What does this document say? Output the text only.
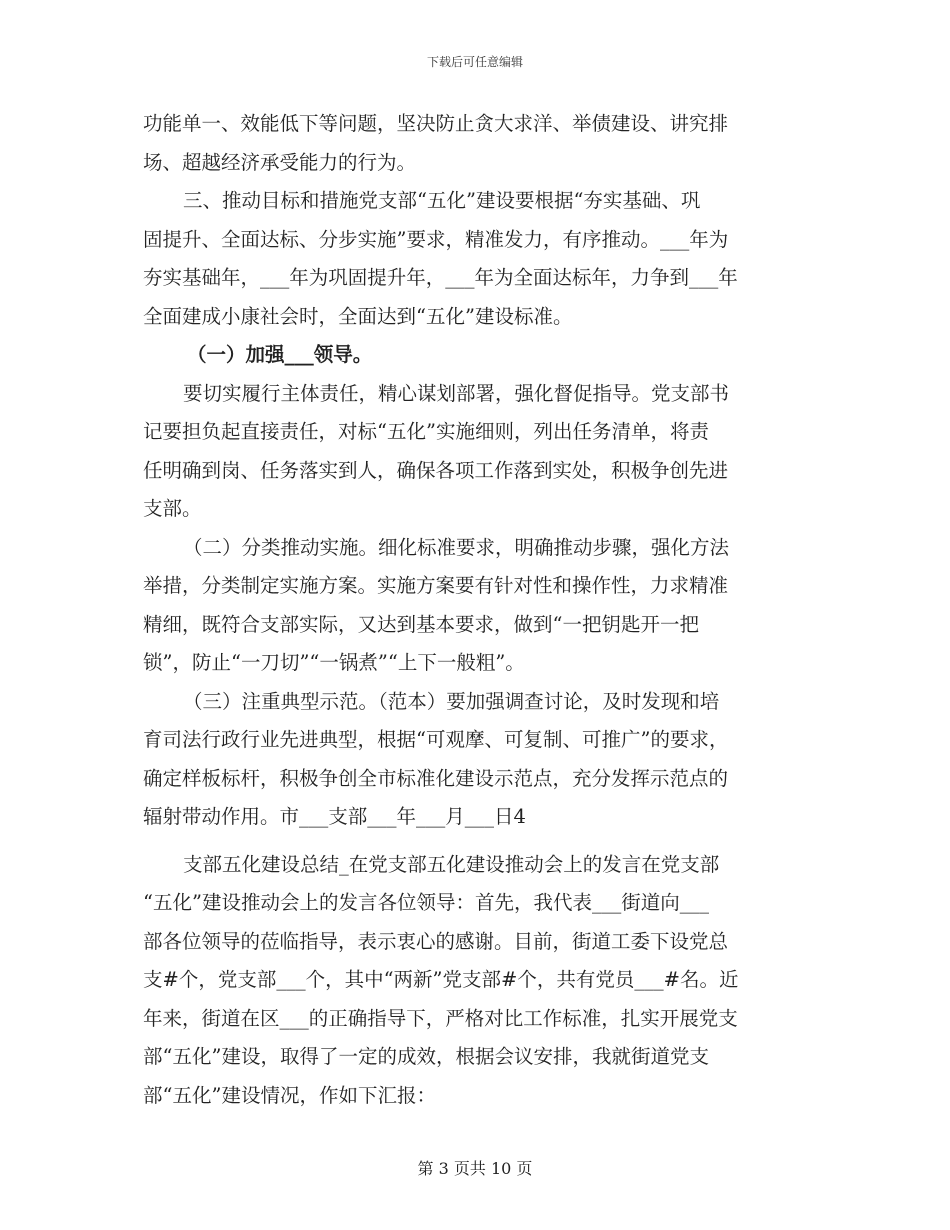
下载后可任意编辑
功能单一、效能低下等问题，坚决防止贪大求洋、举债建设、讲究排
场、超越经济承受能力的行为。
三、推动目标和措施党支部“五化”建设要根据“夯实基础、巩
固提升、全面达标、分步实施”要求，精准发力，有序推动。___年为
夯实基础年，___年为巩固提升年，___年为全面达标年，力争到___年
全面建成小康社会时，全面达到“五化”建设标准。
（一）加强___领导。
要切实履行主体责任，精心谋划部署，强化督促指导。党支部书
记要担负起直接责任，对标“五化”实施细则，列出任务清单，将责
任明确到岗、任务落实到人，确保各项工作落到实处，积极争创先进
支部。
（二）分类推动实施。细化标准要求，明确推动步骤，强化方法
举措，分类制定实施方案。实施方案要有针对性和操作性，力求精准
精细，既符合支部实际，又达到基本要求，做到“一把钥匙开一把
锁”，防止“一刀切”“一锅煮”“上下一般粗”。
（三）注重典型示范。（范本）要加强调查讨论，及时发现和培
育司法行政行业先进典型，根据“可观摩、可复制、可推广”的要求，
确定样板标杆，积极争创全市标准化建设示范点，充分发挥示范点的
辐射带动作用。市___支部___年___月___日4
支部五化建设总结_在党支部五化建设推动会上的发言在党支部
“五化”建设推动会上的发言各位领导：首先，我代表___街道向___
部各位领导的莅临指导，表示衷心的感谢。目前，街道工委下设党总
支#个，党支部___个，其中“两新”党支部#个，共有党员___#名。近
年来，街道在区___的正确指导下，严格对比工作标准，扎实开展党支
部“五化”建设，取得了一定的成效，根据会议安排，我就街道党支
部“五化”建设情况，作如下汇报：
第 3 页共 10 页
